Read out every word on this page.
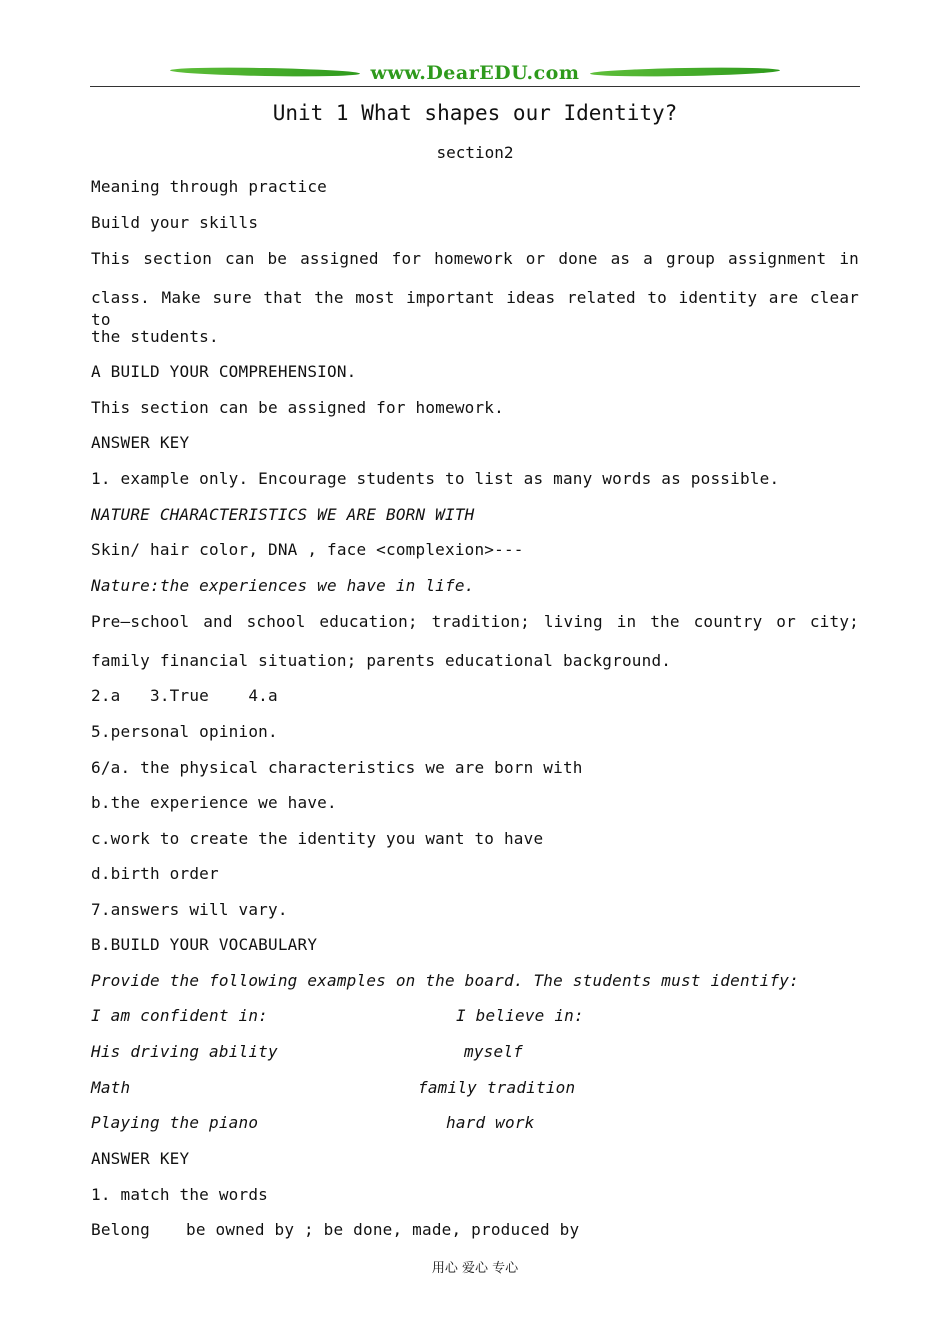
www.DearEDU.com
Unit 1 What shapes our Identity?
section2
Meaning through practice
Build your skills
This section can be assigned for homework or done as a group assignment in
class. Make sure that the most important ideas related to identity are clear to
the students.
A BUILD YOUR COMPREHENSION.
This section can be assigned for homework.
ANSWER KEY
1. example only. Encourage students to list as many words as possible.
NATURE CHARACTERISTICS WE ARE BORN WITH
Skin/ hair color, DNA , face <complexion>---
Nature:the experiences we have in life.
Pre—school and school education; tradition; living in the country or city;
family financial situation; parents educational background.
2.a   3.True    4.a
5.personal opinion.
6/a. the physical characteristics we are born with
b.the experience we have.
c.work to create the identity you want to have
d.birth order
7.answers will vary.
B.BUILD YOUR VOCABULARY
Provide the following examples on the board. The students must identify:
I am confident in:	I believe in:
His driving ability	myself
Math	family tradition
Playing the piano	hard work
ANSWER KEY
1. match the words
Belong be owned by ; be done, made, produced by
用心 爱心 专心
